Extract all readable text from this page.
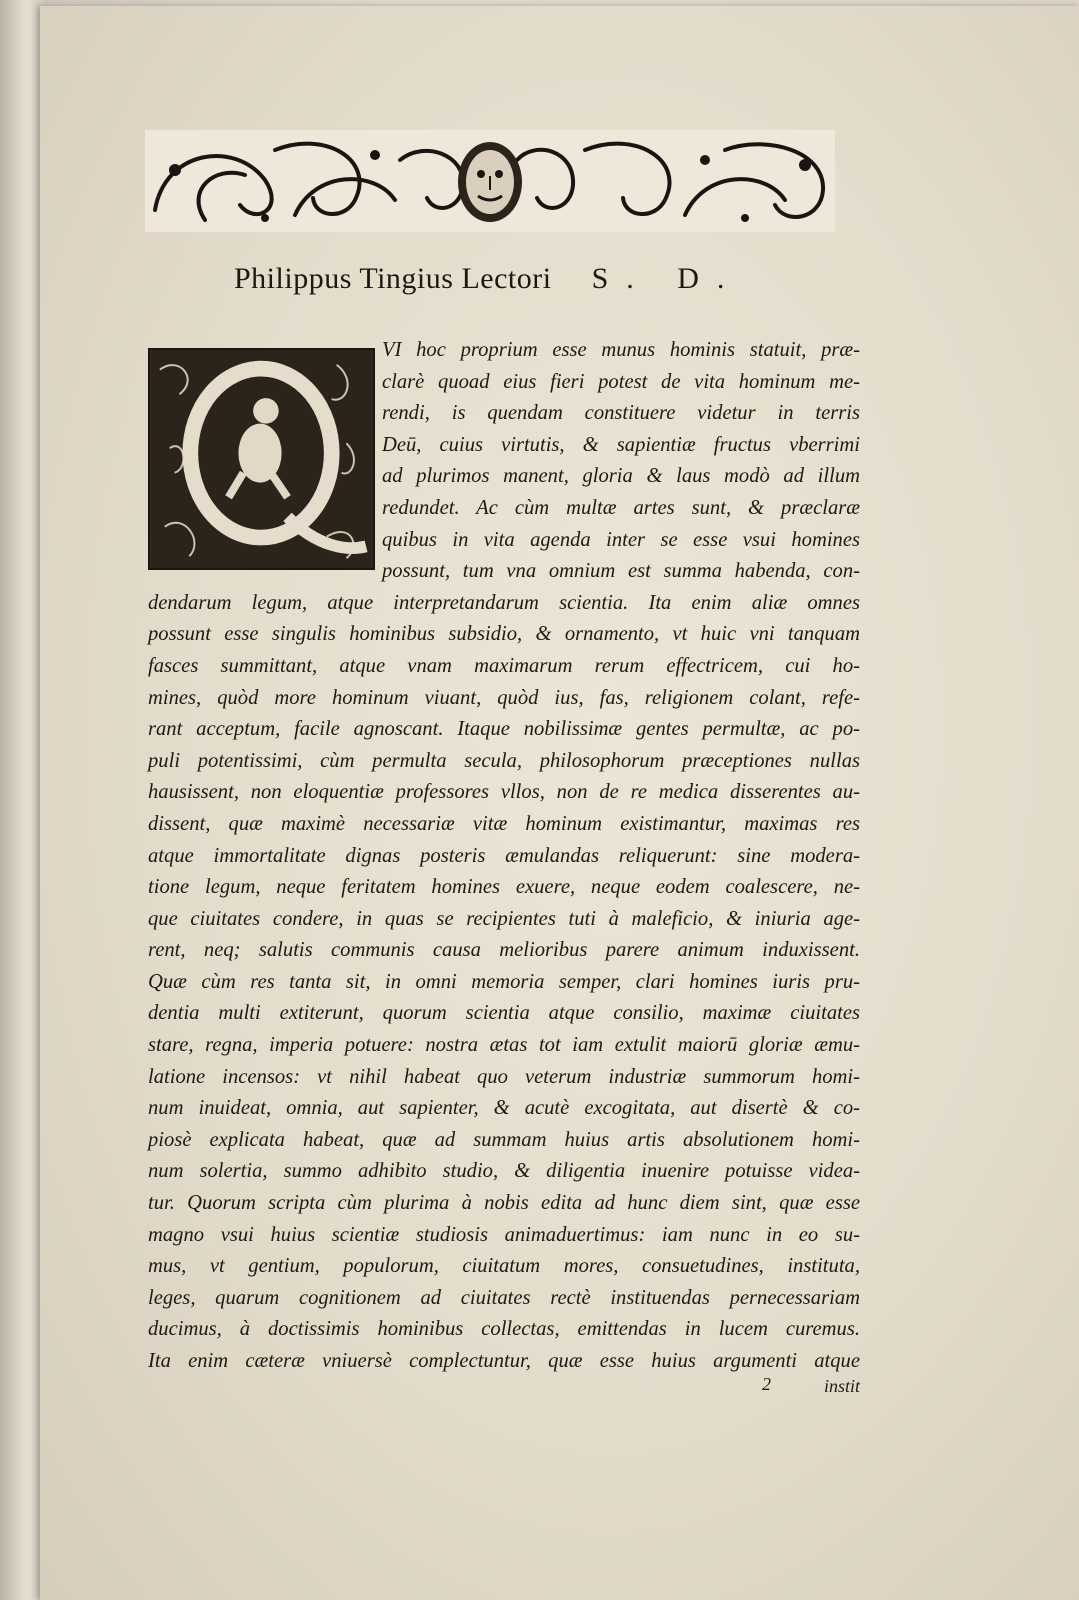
Philippus Tingius Lectori S. D.
VI hoc proprium esse munus hominis statuit, præ-
clarè quoad eius fieri potest de vita hominum me-
rendi, is quendam constituere videtur in terris
Deū, cuius virtutis, & sapientiæ fructus vberrimi
ad plurimos manent, gloria & laus modò ad illum
redundet. Ac cùm multæ artes sunt, & præclaræ
quibus in vita agenda inter se esse vsui homines
possunt, tum vna omnium est summa habenda, con-
dendarum legum, atque interpretandarum scientia. Ita enim aliæ omnes
possunt esse singulis hominibus subsidio, & ornamento, vt huic vni tanquam
fasces summittant, atque vnam maximarum rerum effectricem, cui ho-
mines, quòd more hominum viuant, quòd ius, fas, religionem colant, refe-
rant acceptum, facile agnoscant. Itaque nobilissimæ gentes permultæ, ac po-
puli potentissimi, cùm permulta secula, philosophorum præceptiones nullas
hausissent, non eloquentiæ professores vllos, non de re medica disserentes au-
dissent, quæ maximè necessariæ vitæ hominum existimantur, maximas res
atque immortalitate dignas posteris æmulandas reliquerunt: sine modera-
tione legum, neque feritatem homines exuere, neque eodem coalescere, ne-
que ciuitates condere, in quas se recipientes tuti à maleficio, & iniuria age-
rent, neq; salutis communis causa melioribus parere animum induxissent.
Quæ cùm res tanta sit, in omni memoria semper, clari homines iuris pru-
dentia multi extiterunt, quorum scientia atque consilio, maximæ ciuitates
stare, regna, imperia potuere: nostra ætas tot iam extulit maiorū gloriæ æmu-
latione incensos: vt nihil habeat quo veterum industriæ summorum homi-
num inuideat, omnia, aut sapienter, & acutè excogitata, aut disertè & co-
piosè explicata habeat, quæ ad summam huius artis absolutionem homi-
num solertia, summo adhibito studio, & diligentia inuenire potuisse videa-
tur. Quorum scripta cùm plurima à nobis edita ad hunc diem sint, quæ esse
magno vsui huius scientiæ studiosis animaduertimus: iam nunc in eo su-
mus, vt gentium, populorum, ciuitatum mores, consuetudines, instituta,
leges, quarum cognitionem ad ciuitates rectè instituendas pernecessariam
ducimus, à doctissimis hominibus collectas, emittendas in lucem curemus.
Ita enim cæteræ vniuersè complectuntur, quæ esse huius argumenti atque
2	instit
